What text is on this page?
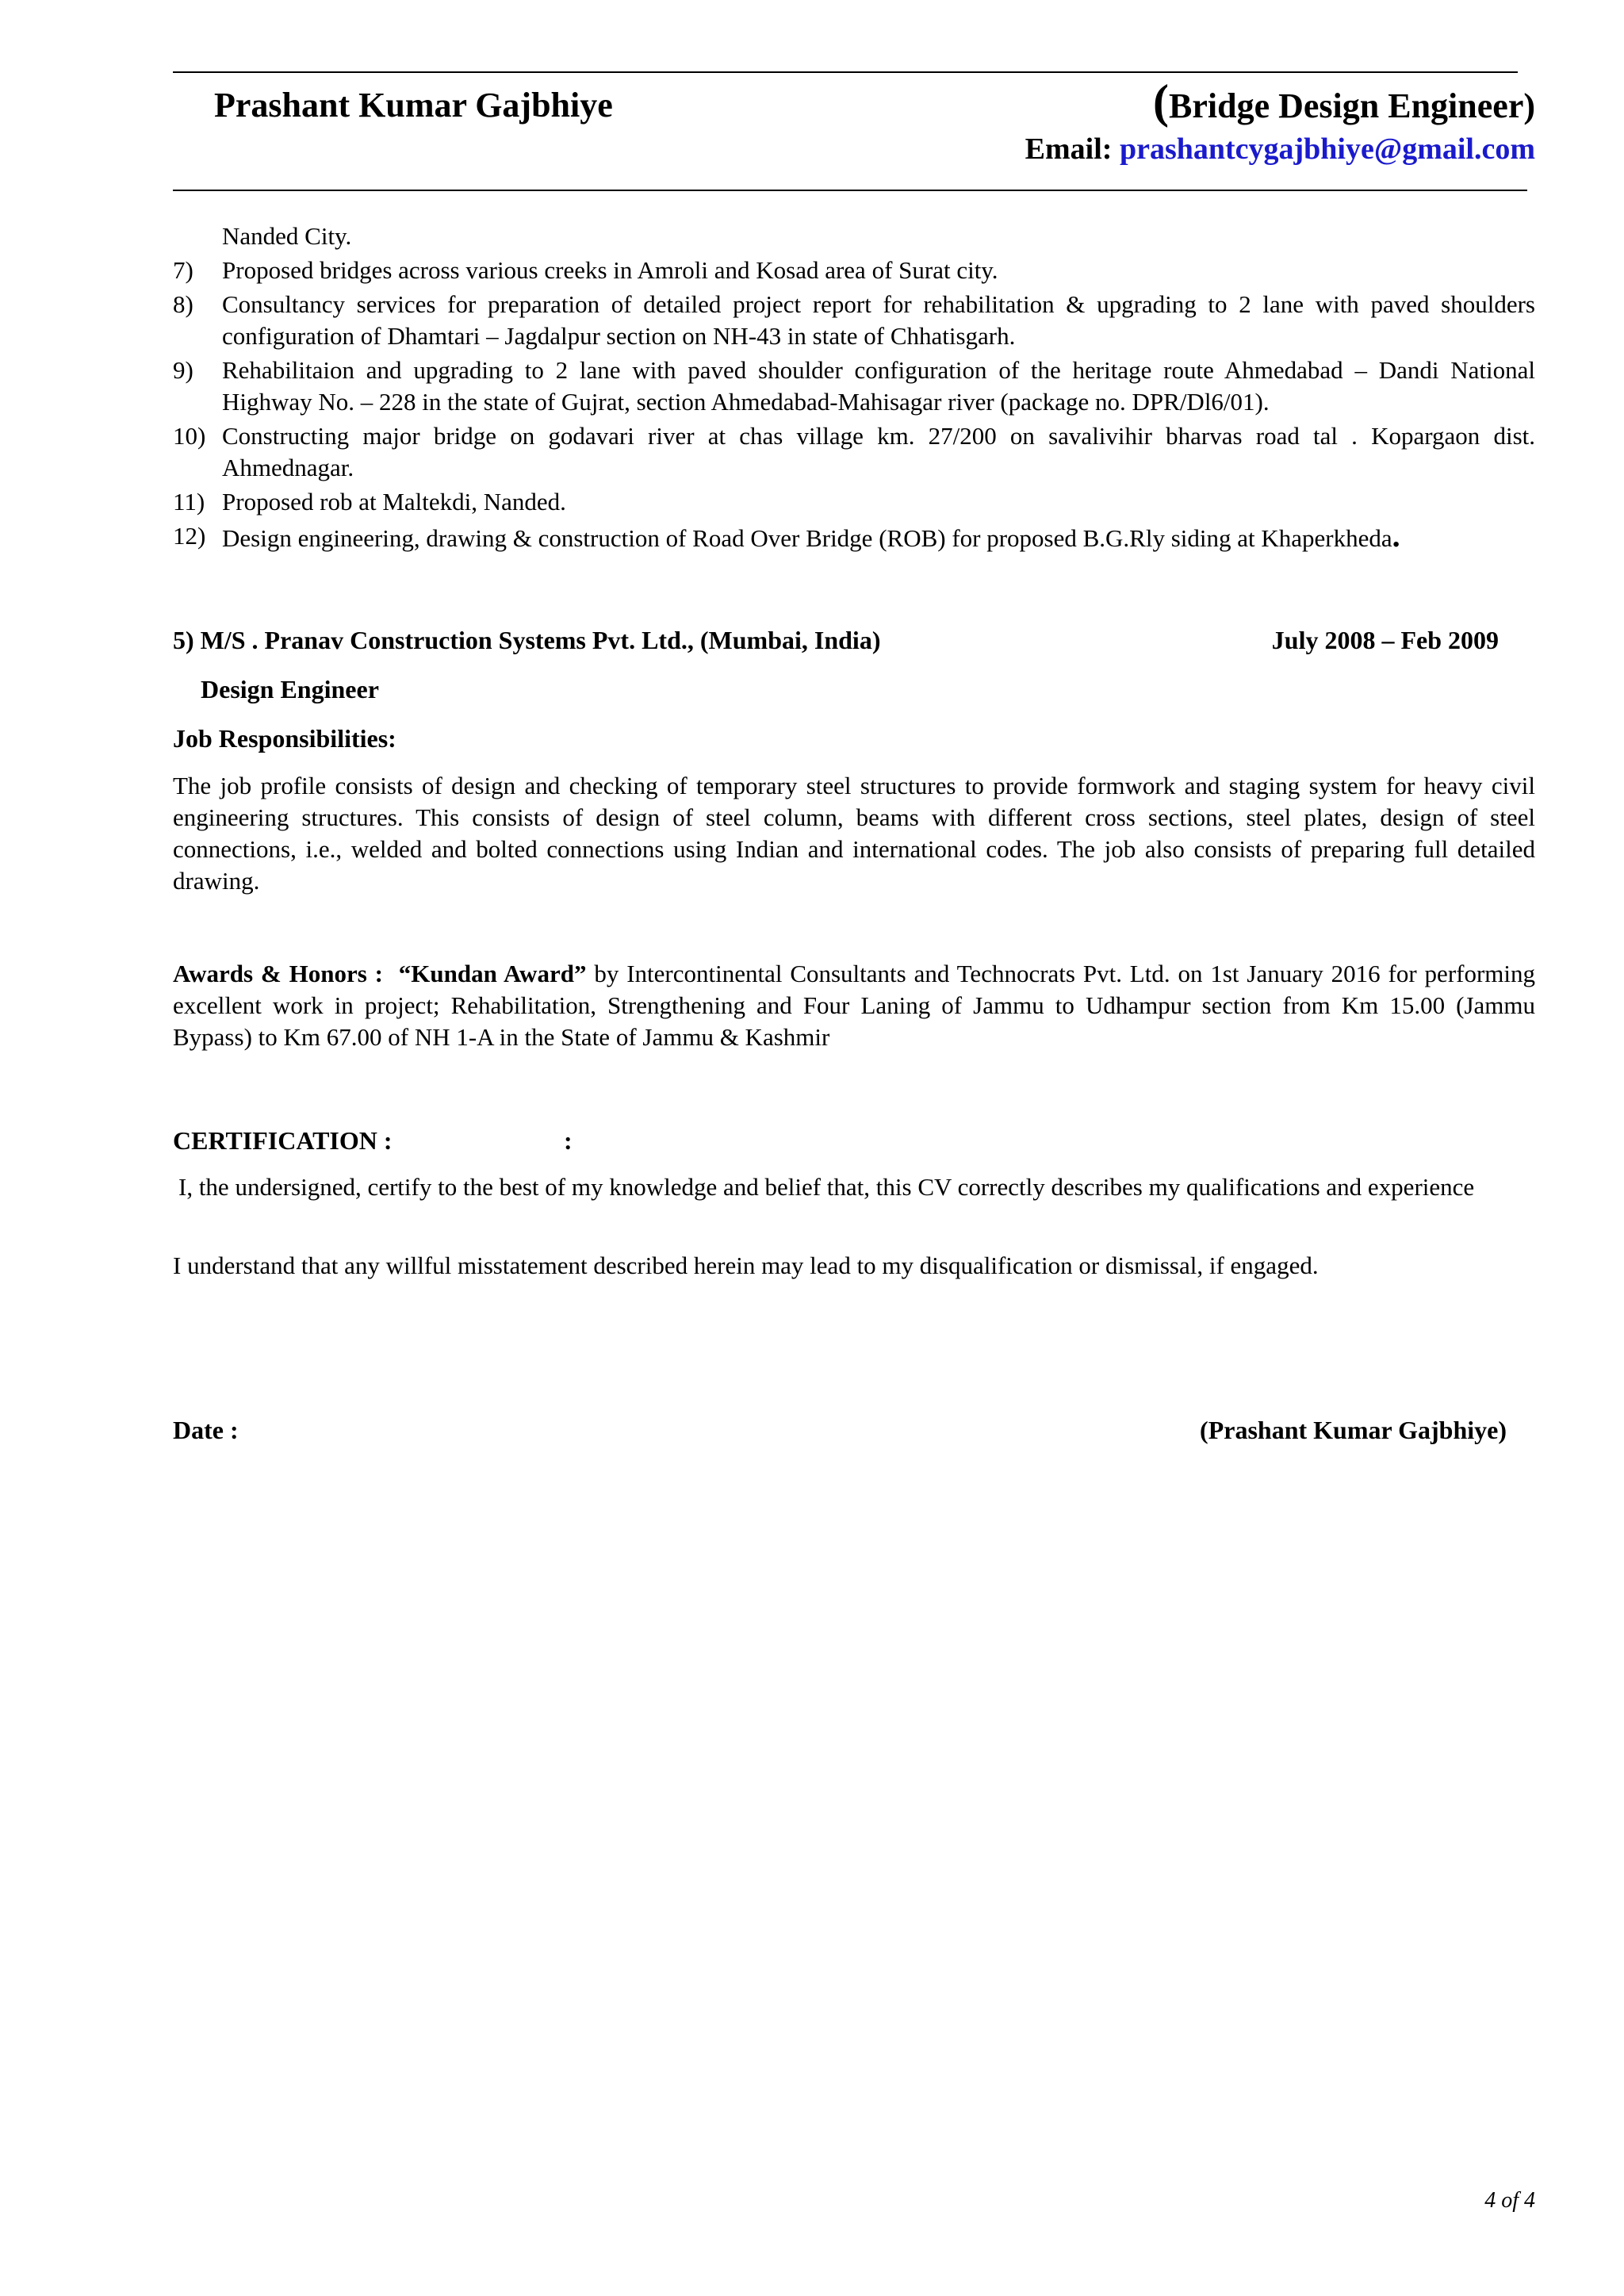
Prashant Kumar Gajbhiye	(Bridge Design Engineer)
Email: prashantcygajbhiye@gmail.com
Nanded City.
7)	Proposed bridges across various creeks in Amroli and Kosad area of Surat city.
8)	Consultancy services for preparation of detailed project report for rehabilitation & upgrading to 2 lane with paved shoulders configuration of Dhamtari – Jagdalpur section on NH-43 in state of Chhatisgarh.
9)	Rehabilitaion and upgrading to 2 lane with paved shoulder configuration of the heritage route Ahmedabad – Dandi National Highway No. – 228 in the state of Gujrat, section Ahmedabad-Mahisagar river (package no. DPR/Dl6/01).
10) Constructing major bridge on godavari river at chas village km. 27/200 on savalivihir bharvas road tal . Kopargaon dist. Ahmednagar.
11) Proposed rob at Maltekdi, Nanded.
12) Design engineering, drawing & construction of Road Over Bridge (ROB) for proposed B.G.Rly siding at Khaperkheda.
5) M/S . Pranav Construction Systems Pvt. Ltd., (Mumbai, India)	July 2008 – Feb 2009
Design Engineer
Job Responsibilities:
The job profile consists of design and checking of temporary steel structures to provide formwork and staging system for heavy civil engineering structures. This consists of design of steel column, beams with different cross sections, steel plates, design of steel connections, i.e., welded and bolted connections using Indian and international codes. The job also consists of preparing full detailed drawing.
Awards & Honors : “Kundan Award” by Intercontinental Consultants and Technocrats Pvt. Ltd. on 1st January 2016 for performing excellent work in project; Rehabilitation, Strengthening and Four Laning of Jammu to Udhampur section from Km 15.00 (Jammu Bypass) to Km 67.00 of NH 1-A in the State of Jammu & Kashmir
CERTIFICATION :	:
I, the undersigned, certify to the best of my knowledge and belief that, this CV correctly describes my qualifications and experience
I understand that any willful misstatement described herein may lead to my disqualification or dismissal, if engaged.
Date :	(Prashant Kumar Gajbhiye)
4 of 4
